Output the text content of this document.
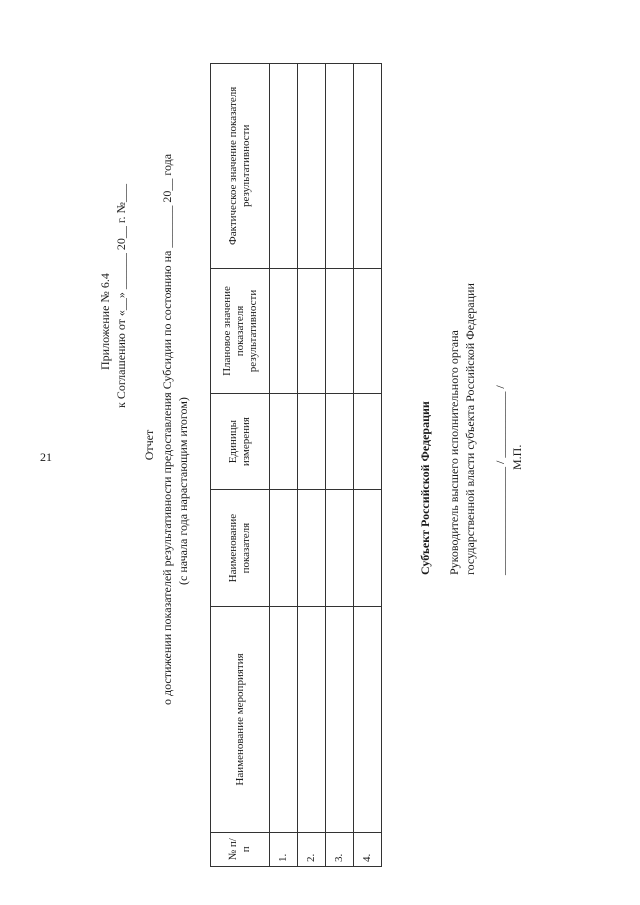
21
Приложение № 6.4 к Соглашению от «__» ______ 20__ г. №___
Отчет о достижении показателей результативности предоставления Субсидии по состоянию на _______ 20__ года (с начала года нарастающим итогом)
№ п/п	Наименование мероприятия	Наименование показателя	Единицы измерения	Плановое значение показателя результативности	Фактическое значение показателя результативности
1.					
2.					
3.					
4.					
Субъект Российской Федерации Руководитель высшего исполнительного органа государственной власти субъекта Российской Федерации __________________ / ___________ / М.П.
